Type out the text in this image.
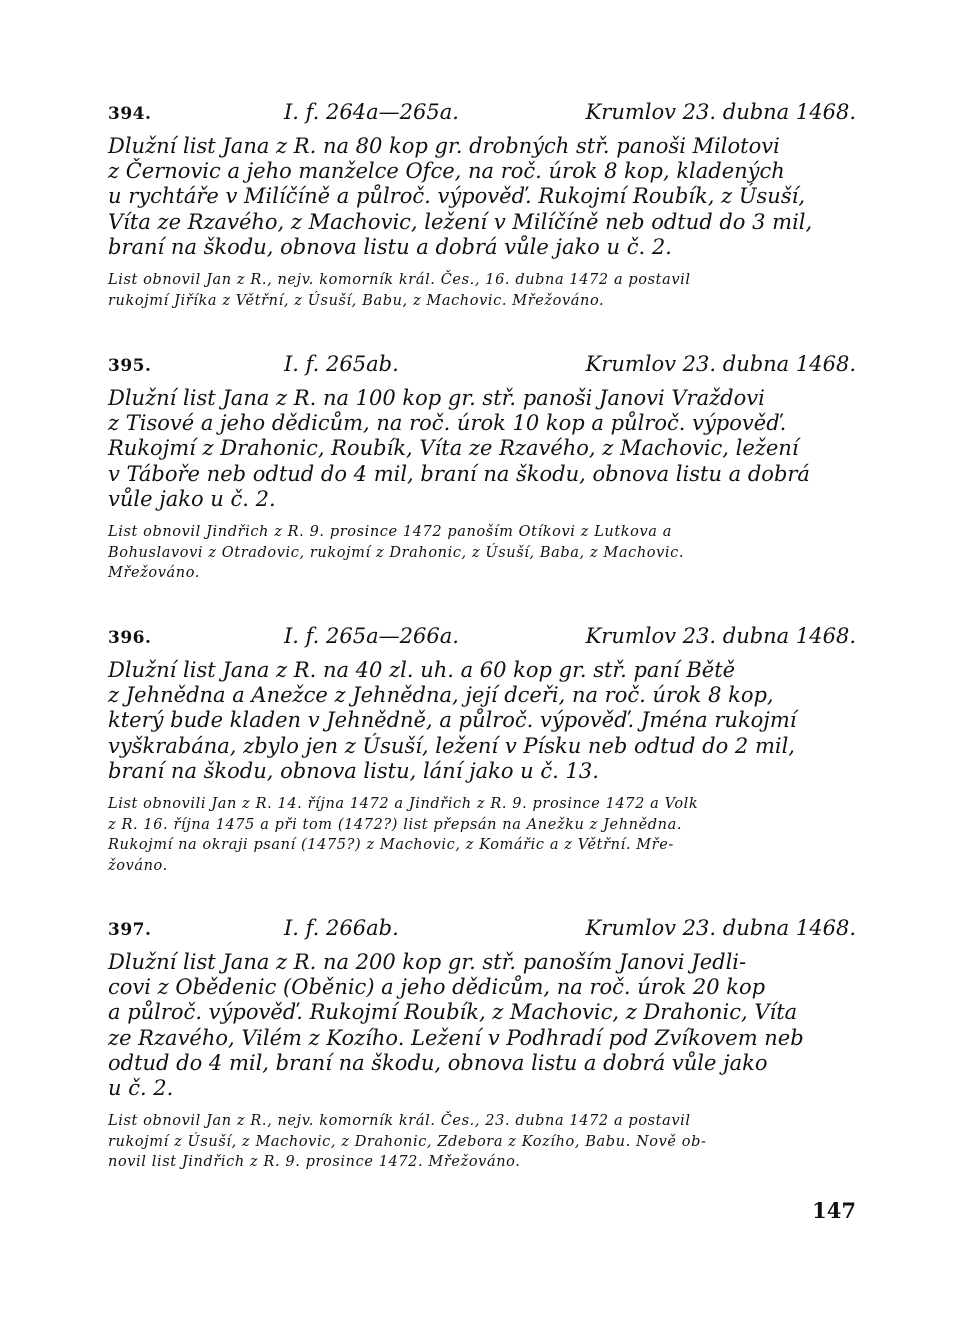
394.	I. f. 264a—265a.	Krumlov 23. dubna 1468.
Dlužní list Jana z R. na 80 kop gr. drobných stř. panoši Milotovi
z Černovic a jeho manželce Ofce, na roč. úrok 8 kop, kladených
u rychtáře v Milíčíně a půlroč. výpověď. Rukojmí Roubík, z Úsuší,
Víta ze Rzavého, z Machovic, ležení v Milíčíně neb odtud do 3 mil,
braní na škodu, obnova listu a dobrá vůle jako u č. 2.
List obnovil Jan z R., nejv. komorník král. Čes., 16. dubna 1472 a postavil
rukojmí Jiříka z Větřní, z Úsuší, Babu, z Machovic. Mřežováno.
395.	I. f. 265ab.	Krumlov 23. dubna 1468.
Dlužní list Jana z R. na 100 kop gr. stř. panoši Janovi Vraždovi
z Tisové a jeho dědicům, na roč. úrok 10 kop a půlroč. výpověď.
Rukojmí z Drahonic, Roubík, Víta ze Rzavého, z Machovic, ležení
v Táboře neb odtud do 4 mil, braní na škodu, obnova listu a dobrá
vůle jako u č. 2.
List obnovil Jindřich z R. 9. prosince 1472 panoším Otíkovi z Lutkova a
Bohuslavovi z Otradovic, rukojmí z Drahonic, z Úsuší, Baba, z Machovic.
Mřežováno.
396.	I. f. 265a—266a.	Krumlov 23. dubna 1468.
Dlužní list Jana z R. na 40 zl. uh. a 60 kop gr. stř. paní Bětě
z Jehnědna a Anežce z Jehnědna, její dceři, na roč. úrok 8 kop,
který bude kladen v Jehnědně, a půlroč. výpověď. Jména rukojmí
vyškrabána, zbylo jen z Úsuší, ležení v Písku neb odtud do 2 mil,
braní na škodu, obnova listu, lání jako u č. 13.
List obnovili Jan z R. 14. října 1472 a Jindřich z R. 9. prosince 1472 a Volk
z R. 16. října 1475 a při tom (1472?) list přepsán na Anežku z Jehnědna.
Rukojmí na okraji psaní (1475?) z Machovic, z Komářic a z Větřní. Mře-
žováno.
397.	I. f. 266ab.	Krumlov 23. dubna 1468.
Dlužní list Jana z R. na 200 kop gr. stř. panoším Janovi Jedli-
covi z Obědenic (Oběnic) a jeho dědicům, na roč. úrok 20 kop
a půlroč. výpověď. Rukojmí Roubík, z Machovic, z Drahonic, Víta
ze Rzavého, Vilém z Kozího. Ležení v Podhradí pod Zvíkovem neb
odtud do 4 mil, braní na škodu, obnova listu a dobrá vůle jako
u č. 2.
List obnovil Jan z R., nejv. komorník král. Čes., 23. dubna 1472 a postavil
rukojmí z Úsuší, z Machovic, z Drahonic, Zdebora z Kozího, Babu. Nově ob-
novil list Jindřich z R. 9. prosince 1472. Mřežováno.
147
